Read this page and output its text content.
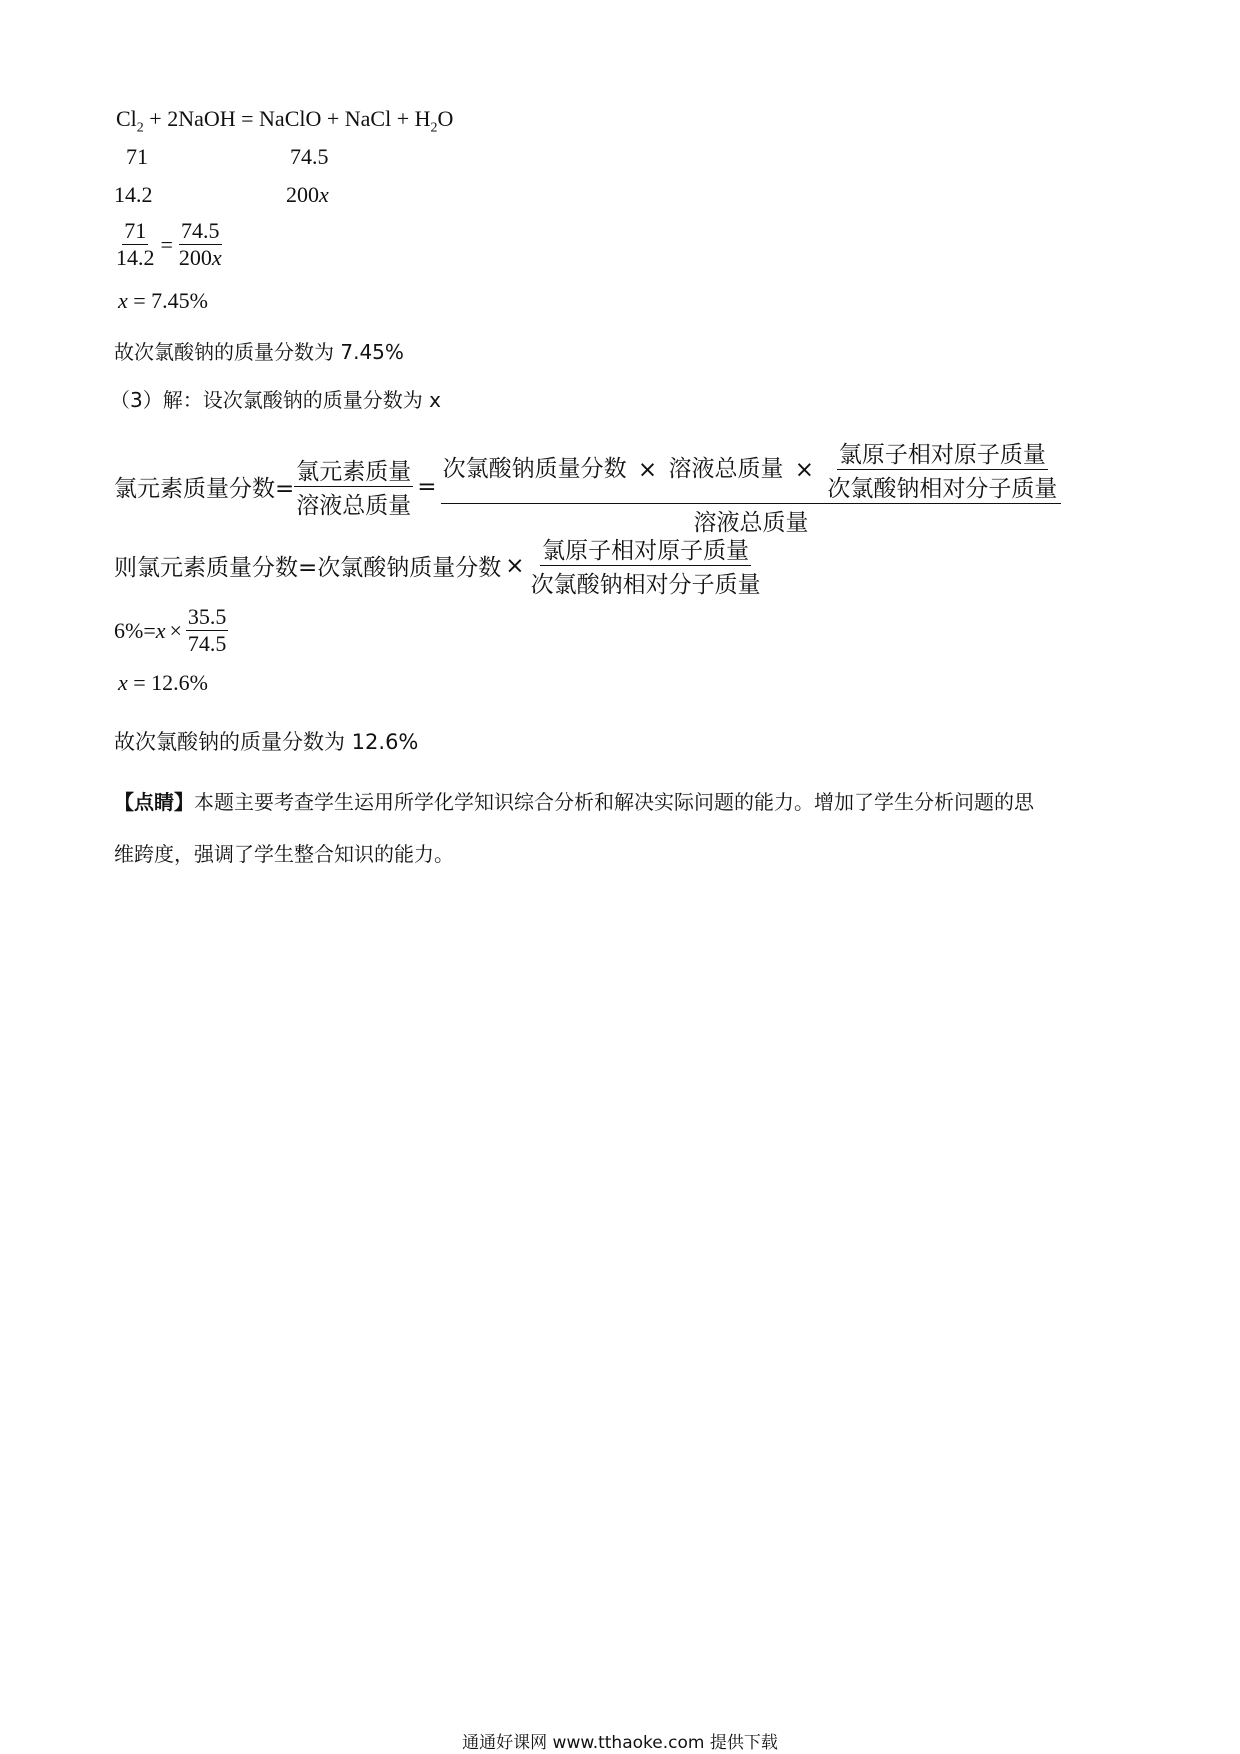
$Cl_2$ + 2NaOH = NaClO + NaCl + $H_2O$
71	74.5
14.2	200x
$\frac{71}{14.2} = \frac{74.5}{200x}$
x = 7.45%
故次氯酸钠的质量分数为 7.45%
（3）解：设次氯酸钠的质量分数为 x
氯元素质量分数= $\frac{\text{氯元素质量}}{\text{溶液总质量}}$ =
次氯酸钠质量分数 × 溶液总质量 × $\frac{\text{氯原子相对原子质量}}{\text{次氯酸钠相对分子质量}}$
溶液总质量
则氯元素质量分数=次氯酸钠质量分数 × $\frac{\text{氯原子相对原子质量}}{\text{次氯酸钠相对分子质量}}$
$6\%= x \times \frac{35.5}{74.5}$
x = 12.6%
故次氯酸钠的质量分数为 12.6%
【点睛】本题主要考查学生运用所学化学知识综合分析和解决实际问题的能力。增加了学生分析问题的思
维跨度，强调了学生整合知识的能力。
通通好课网 www.tthaoke.com 提供下载
